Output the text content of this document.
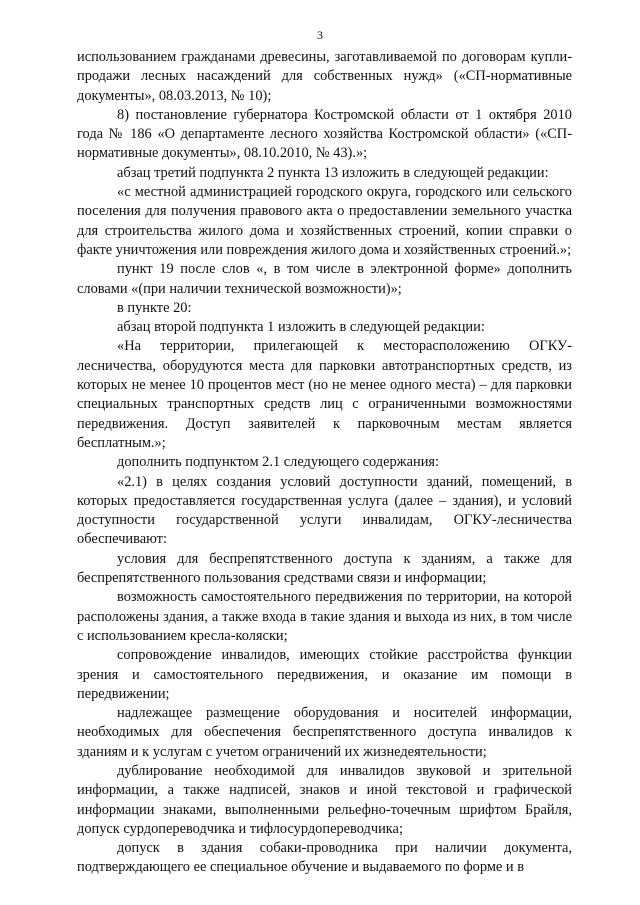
3

использованием гражданами древесины, заготавливаемой по договорам купли-продажи лесных насаждений для собственных нужд» («СП-нормативные документы», 08.03.2013, № 10);

8) постановление губернатора Костромской области от 1 октября 2010 года № 186 «О департаменте лесного хозяйства Костромской области» («СП-нормативные документы», 08.10.2010, № 43).»;

абзац третий подпункта 2 пункта 13 изложить в следующей редакции:

«с местной администрацией городского округа, городского или сельского поселения для получения правового акта о предоставлении земельного участка для строительства жилого дома и хозяйственных строений, копии справки о факте уничтожения или повреждения жилого дома и хозяйственных строений.»;

пункт 19 после слов «, в том числе в электронной форме» дополнить словами «(при наличии технической возможности)»;

в пункте 20:

абзац второй подпункта 1 изложить в следующей редакции:

«На территории, прилегающей к месторасположению ОГКУ-лесничества, оборудуются места для парковки автотранспортных средств, из которых не менее 10 процентов мест (но не менее одного места) – для парковки специальных транспортных средств лиц с ограниченными возможностями передвижения. Доступ заявителей к парковочным местам является бесплатным.»;

дополнить подпунктом 2.1 следующего содержания:

«2.1) в целях создания условий доступности зданий, помещений, в которых предоставляется государственная услуга (далее – здания), и условий доступности государственной услуги инвалидам, ОГКУ-лесничества обеспечивают:

условия для беспрепятственного доступа к зданиям, а также для беспрепятственного пользования средствами связи и информации;

возможность самостоятельного передвижения по территории, на которой расположены здания, а также входа в такие здания и выхода из них, в том числе с использованием кресла-коляски;

сопровождение инвалидов, имеющих стойкие расстройства функции зрения и самостоятельного передвижения, и оказание им помощи в передвижении;

надлежащее размещение оборудования и носителей информации, необходимых для обеспечения беспрепятственного доступа инвалидов к зданиям и к услугам с учетом ограничений их жизнедеятельности;

дублирование необходимой для инвалидов звуковой и зрительной информации, а также надписей, знаков и иной текстовой и графической информации знаками, выполненными рельефно-точечным шрифтом Брайля, допуск сурдопереводчика и тифлосурдопереводчика;

допуск в здания собаки-проводника при наличии документа, подтверждающего ее специальное обучение и выдаваемого по форме и в
